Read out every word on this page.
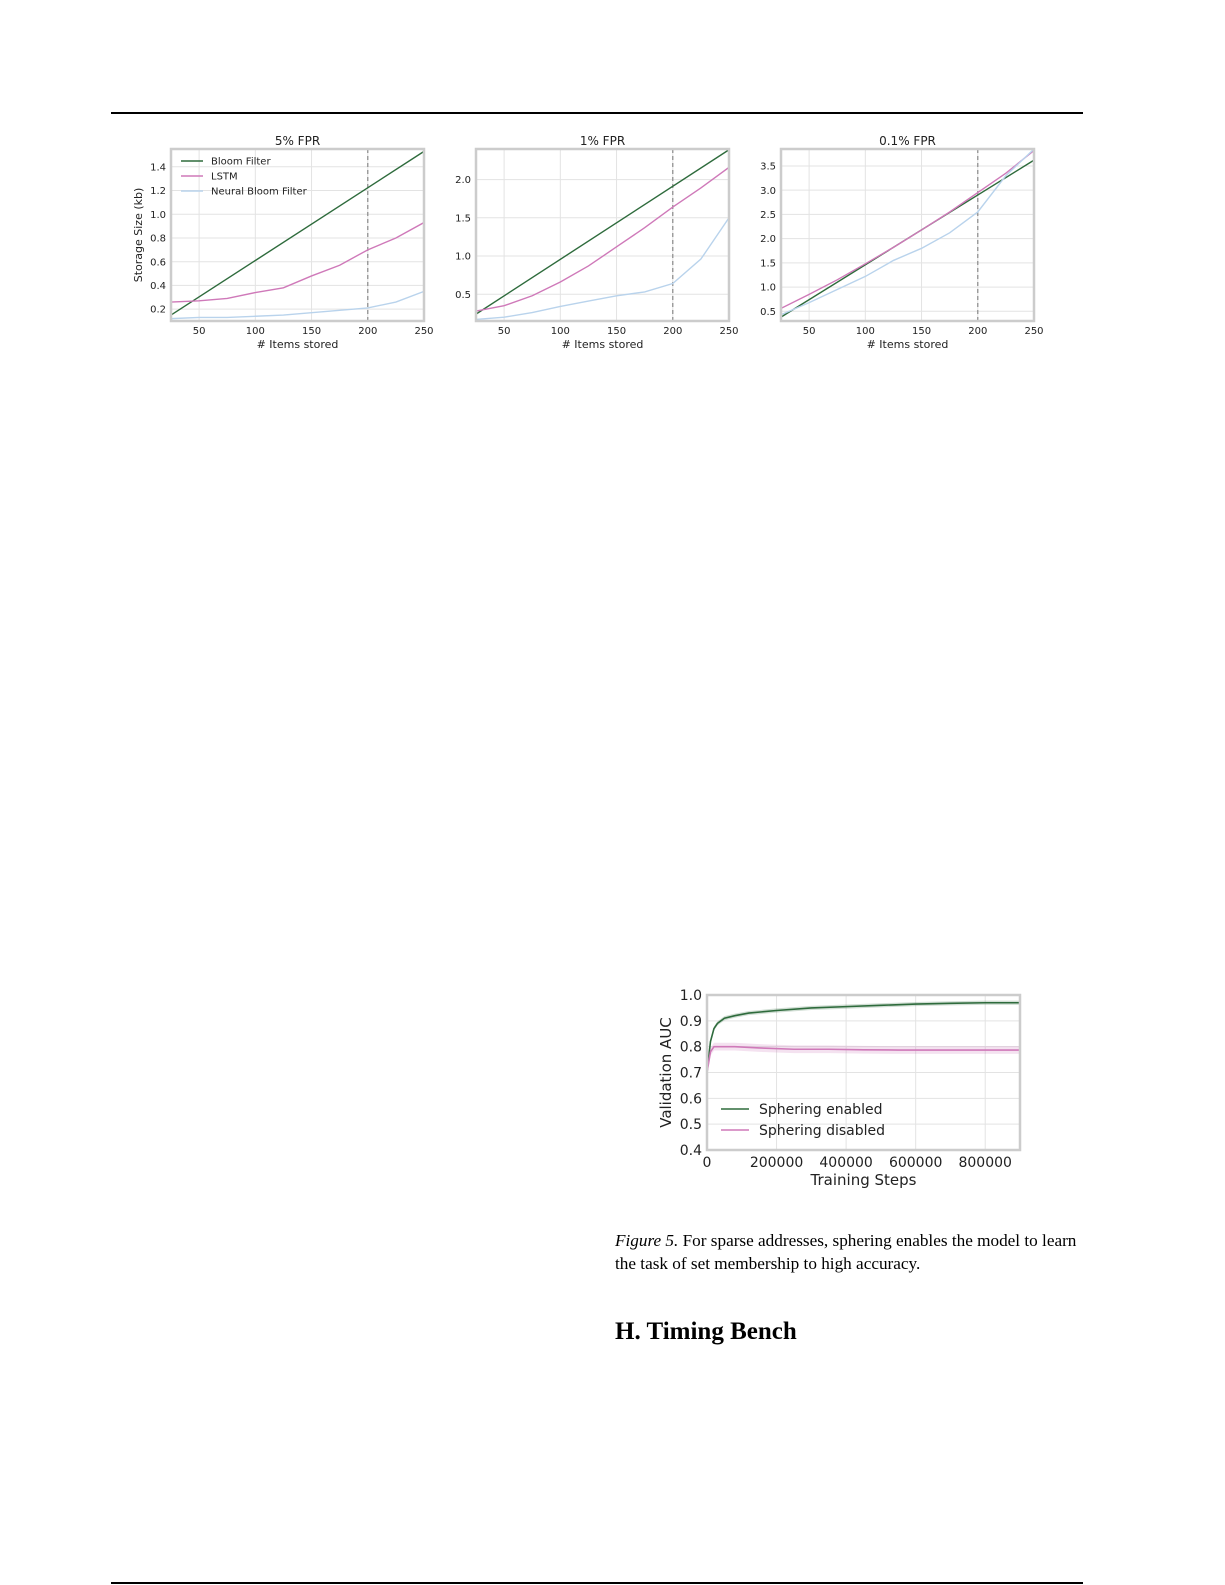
50	100	150	200	250
0.2
0.4
0.6
0.8
1.0
1.2
1.4
5% FPR
# Items stored
Storage Size (kb)
Bloom Filter
LSTM
Neural Bloom Filter
50	100	150	200	250
0.5
1.0
1.5
2.0
1% FPR
# Items stored
50	100	150	200	250
0.5
1.0
1.5
2.0
2.5
3.0
3.5
0.1% FPR
# Items stored
0	200000 400000 600000 800000
0.4
0.5
0.6
0.7
0.8
0.9
1.0
Training Steps
Validation AUC	Sphering enabled
Sphering disabled

Figure 5. For sparse addresses, sphering enables the model to learn the task of set membership to high accuracy.

H. Timing Bench
